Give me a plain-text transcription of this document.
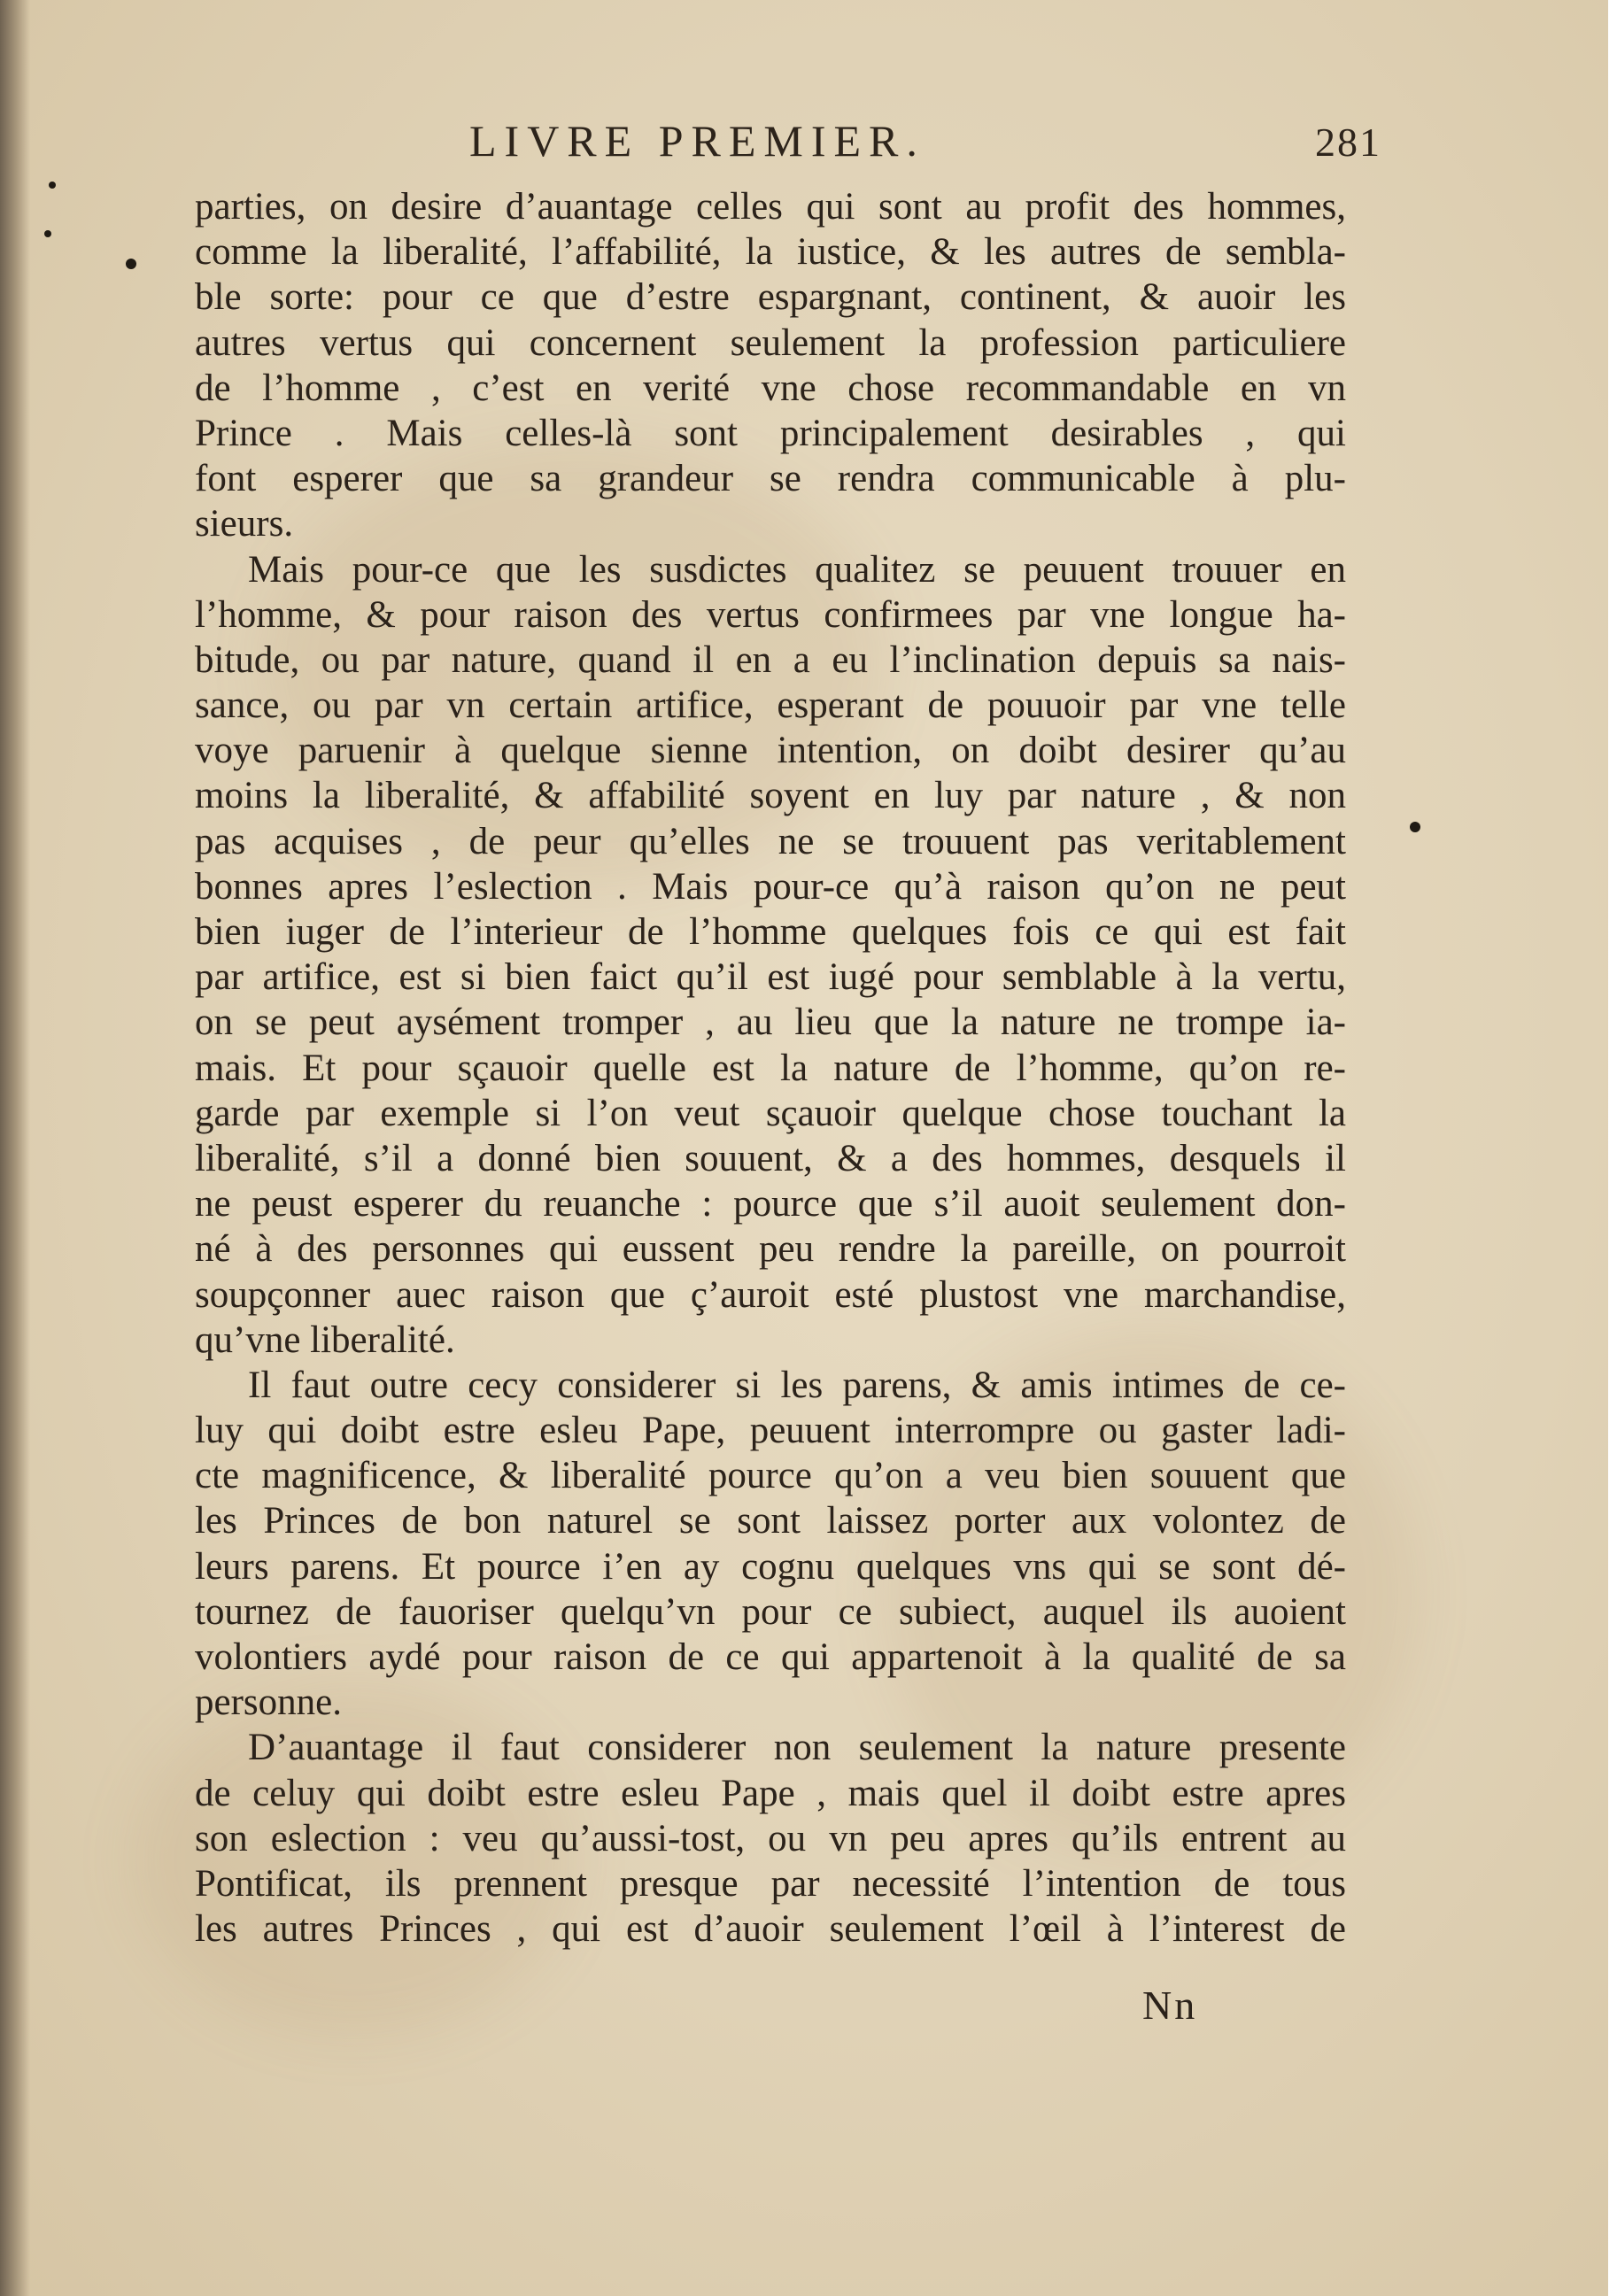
LIVRE PREMIER.	281
parties, on desire d’auantage celles qui sont au profit des hommes,
comme la liberalité, l’affabilité, la iustice, & les autres de sembla-
ble sorte: pour ce que d’estre espargnant, continent, & auoir les
autres vertus qui concernent seulement la profession particuliere
de l’homme , c’est en verité vne chose recommandable en vn
Prince . Mais celles-là sont principalement desirables , qui
font esperer que sa grandeur se rendra communicable à plu-
sieurs.
Mais pour-ce que les susdictes qualitez se peuuent trouuer en
l’homme, & pour raison des vertus confirmees par vne longue ha-
bitude, ou par nature, quand il en a eu l’inclination depuis sa nais-
sance, ou par vn certain artifice, esperant de pouuoir par vne telle
voye paruenir à quelque sienne intention, on doibt desirer qu’au
moins la liberalité, & affabilité soyent en luy par nature , & non
pas acquises , de peur qu’elles ne se trouuent pas veritablement
bonnes apres l’eslection . Mais pour-ce qu’à raison qu’on ne peut
bien iuger de l’interieur de l’homme quelques fois ce qui est fait
par artifice, est si bien faict qu’il est iugé pour semblable à la vertu,
on se peut aysément tromper , au lieu que la nature ne trompe ia-
mais. Et pour sçauoir quelle est la nature de l’homme, qu’on re-
garde par exemple si l’on veut sçauoir quelque chose touchant la
liberalité, s’il a donné bien souuent, & a des hommes, desquels il
ne peust esperer du reuanche : pource que s’il auoit seulement don-
né à des personnes qui eussent peu rendre la pareille, on pourroit
soupçonner auec raison que ç’auroit esté plustost vne marchandise,
qu’vne liberalité.
Il faut outre cecy considerer si les parens, & amis intimes de ce-
luy qui doibt estre esleu Pape, peuuent interrompre ou gaster ladi-
cte magnificence, & liberalité pource qu’on a veu bien souuent que
les Princes de bon naturel se sont laissez porter aux volontez de
leurs parens. Et pource i’en ay cognu quelques vns qui se sont dé-
tournez de fauoriser quelqu’vn pour ce subiect, auquel ils auoient
volontiers aydé pour raison de ce qui appartenoit à la qualité de sa
personne.
D’auantage il faut considerer non seulement la nature presente
de celuy qui doibt estre esleu Pape , mais quel il doibt estre apres
son eslection : veu qu’aussi-tost, ou vn peu apres qu’ils entrent au
Pontificat, ils prennent presque par necessité l’intention de tous
les autres Princes , qui est d’auoir seulement l’œil à l’interest de
Nn
